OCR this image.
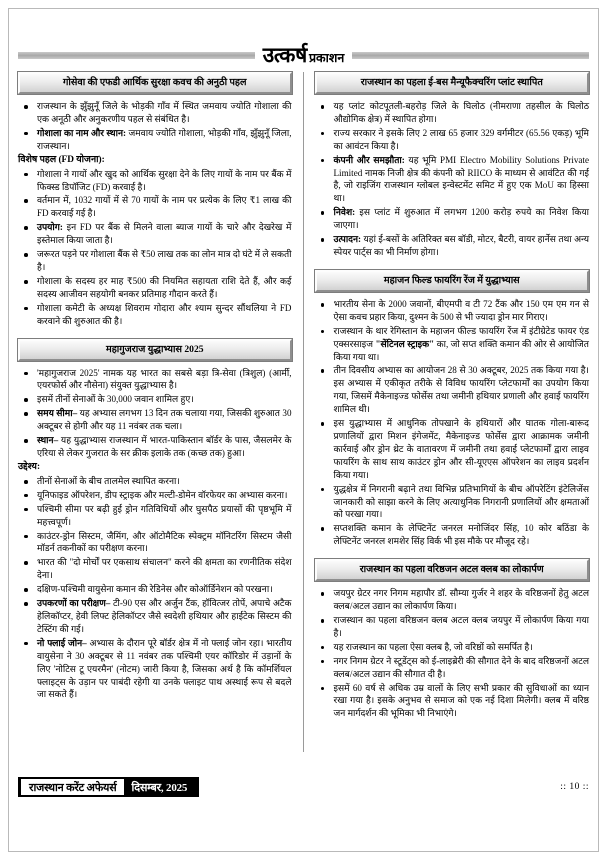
उत्कर्ष प्रकाशन
गोसेवा की एफडी आर्थिक सुरक्षा कवच की अनुठी पहल
राजस्थान के झुँझुनूँ जिले के भोड़की गाँव में स्थित जमवाय ज्योति गोशाला की एक अनूठी और अनुकरणीय पहल से संबंधित है।
गोशाला का नाम और स्थान: जमवाय ज्योति गोशाला, भोड़की गाँव, झुँझुनूँ जिला, राजस्थान।
विशेष पहल (FD योजना):
गोशाला ने गायों और खुद को आर्थिक सुरक्षा देने के लिए गायों के नाम पर बैंक में फिक्स्ड डिपॉजिट (FD) करवाई है।
वर्तमान में, 1032 गायों में से 70 गायों के नाम पर प्रत्येक के लिए ₹1 लाख की FD करवाई गई है।
उपयोग: इन FD पर बैंक से मिलने वाला ब्याज गायों के चारे और देखरेख में इस्तेमाल किया जाता है।
जरूरत पड़ने पर गोशाला बैंक से ₹50 लाख तक का लोन मात्र दो घंटे में ले सकती है।
गोशाला के सदस्य हर माह ₹500 की नियमित सहायता राशि देते हैं, और कई सदस्य आजीवन सहयोगी बनकर प्रतिमाह गौदान करते हैं।
गोशाला कमेटी के अध्यक्ष शिवराम गोदारा और श्याम सुन्दर सौंथलिया ने FD करवाने की शुरुआत की है।
महागुजराज युद्धाभ्यास 2025
'महागुजराज 2025' नामक यह भारत का सबसे बड़ा त्रि-सेवा (त्रिशुल) (आर्मी, एयरफोर्स और नौसेना) संयुक्त युद्धाभ्यास है।
इसमें तीनों सेनाओं के 30,000 जवान शामिल हुए।
समय सीमा– यह अभ्यास लगभग 13 दिन तक चलाया गया, जिसकी शुरुआत 30 अक्टूबर से होगी और यह 11 नवंबर तक चला।
स्थान– यह युद्धाभ्यास राजस्थान में भारत-पाकिस्तान बॉर्डर के पास, जैसलमेर के एरिया से लेकर गुजरात के सर क्रीक इलाके तक (कच्छ तक) हुआ।
उद्देश्य:
तीनों सेनाओं के बीच तालमेल स्थापित करना।
यूनिफाइड ऑपरेशन, डीप स्ट्राइक और मल्टी-डोमेन वॉरफेयर का अभ्यास करना।
पश्चिमी सीमा पर बढ़ी हुई ड्रोन गतिविधियों और घुसपैठ प्रयासों की पृष्ठभूमि में महत्त्वपूर्ण।
काउंटर-ड्रोन सिस्टम, जैमिंग, और ऑटोमैटिक स्पेक्ट्रम मॉनिटरिंग सिस्टम जैसी मॉडर्न तकनीकों का परीक्षण करना।
भारत की "दो मोर्चों पर एकसाथ संचालन" करने की क्षमता का रणनीतिक संदेश देना।
दक्षिण-पश्चिमी वायुसेना कमान की रेडिनेस और कोऑर्डिनेशन को परखना।
उपकरणों का परीक्षण– टी-90 एस और अर्जुन टैंक, हॉवित्जर तोपें, अपाचे अटैक हेलिकॉप्टर, हेवी लिफ्ट हेलिकॉप्टर जैसे स्वदेशी हथियार और हाईटेक सिस्टम की टेस्टिंग की गई।
नो फ्लाई जोन– अभ्यास के दौरान पूरे बॉर्डर क्षेत्र में नो फ्लाई जोन रहा। भारतीय वायुसेना ने 30 अक्टूबर से 11 नवंबर तक पश्चिमी एयर कॉरिडोर में उड़ानों के लिए 'नोटिस टू एयरमैन' (नोटम) जारी किया है, जिसका अर्थ है कि कॉमर्शियल फ्लाइट्स के उड़ान पर पाबंदी रहेगी या उनके फ्लाइट पाथ अस्थाई रूप से बदले जा सकते हैं।
राजस्थान का पहला ई-बस मैन्यूफैक्चरिंग प्लांट स्थापित
यह प्लांट कोटपूतली-बहरोड़ जिले के घिलोठ (नीमराणा तहसील के घिलोठ औद्योगिक क्षेत्र) में स्थापित होगा।
राज्य सरकार ने इसके लिए 2 लाख 65 हजार 329 वर्गमीटर (65.56 एकड़) भूमि का आवंटन किया है।
कंपनी और समझौता: यह भूमि PMI Electro Mobility Solutions Private Limited नामक निजी क्षेत्र की कंपनी को RIICO के माध्यम से आवंटित की गई है, जो राइजिंग राजस्थान ग्लोबल इन्वेस्टमेंट समिट में हुए एक MoU का हिस्सा था।
निवेश: इस प्लांट में शुरुआत में लगभग 1200 करोड़ रुपये का निवेश किया जाएगा।
उत्पादन: यहां ई-बसों के अतिरिक्त बस बॉडी, मोटर, बैटरी, वायर हार्नेस तथा अन्य स्पेयर पार्ट्स का भी निर्माण होगा।
महाजन फिल्ड फायरिंग रेंज में युद्धाभ्यास
भारतीय सेना के 2000 जवानों, बीएमपी व टी 72 टैंक और 150 एम एम गन से ऐसा कवच प्रहार किया, दुश्मन के 500 से भी ज्यादा ड्रोन मार गिराए।
राजस्थान के थार रेगिस्तान के महाजन फील्ड फायरिंग रेंज में इंटीग्रेटेड फायर एंड एक्सरसाइज "सेंटिनल स्ट्राइक" का, जो सप्त शक्ति कमान की ओर से आयोजित किया गया था।
तीन दिवसीय अभ्यास का आयोजन 28 से 30 अक्टूबर, 2025 तक किया गया है। इस अभ्यास में एकीकृत तरीके से विविध फायरिंग प्लेटफार्मों का उपयोग किया गया, जिसमें मैकेनाइज्ड फोर्सेस तथा जमीनी हथियार प्रणाली और हवाई फायरिंग शामिल थी।
इस युद्धाभ्यास में आधुनिक तोपखाने के हथियारों और घातक गोला-बारूद प्रणालियों द्वारा मिशन इंगेजमेंट, मैकेनाइज्ड फोर्सेस द्वारा आक्रामक जमीनी कार्रवाई और ड्रोन थ्रेट के वातावरण में जमीनी तथा हवाई प्लेटफार्मों द्वारा लाइव फायरिंग के साथ साथ काउंटर ड्रोन और सी-यूएएस ऑपरेशन का लाइव प्रदर्शन किया गया।
युद्धक्षेत्र में निगरानी बढ़ाने तथा विभिन्न प्रतिभागियों के बीच ऑपरेटिंग इंटेलिजेंस जानकारी को साझा करने के लिए अत्याधुनिक निगरानी प्रणालियों और क्षमताओं को परखा गया।
सप्तशक्ति कमान के लेफ्टिनेंट जनरल मनोजिंदर सिंह, 10 कोर बठिंडा के लेफ्टिनेंट जनरल शमशेर सिंह विर्क भी इस मौके पर मौजूद रहे।
राजस्थान का पहला वरिष्ठजन अटल क्लब का लोकार्पण
जयपुर ग्रेटर नगर निगम महापौर डॉ. सौम्या गुर्जर ने शहर के वरिष्ठजनों हेतु अटल क्लब/अटल उद्यान का लोकार्पण किया।
राजस्थान का पहला वरिष्ठजन क्लब अटल क्लब जयपुर में लोकार्पण किया गया है।
यह राजस्थान का पहला ऐसा क्लब है, जो वरिष्ठों को समर्पित है।
नगर निगम ग्रेटर ने स्टूडेंट्स को ई-लाइब्रेरी की सौगात देने के बाद वरिष्ठजनों अटल क्लब/अटल उद्यान की सौगात दी है।
इसमें 60 वर्ष से अधिक उम्र वालों के लिए सभी प्रकार की सुविधाओं का ध्यान रखा गया है। इसके अनुभव से समाज को एक नई दिशा मिलेगी। क्लब में वरिष्ठ जन मार्गदर्शन की भूमिका भी निभाएंगे।
राजस्थान करेंट अफेयर्स	दिसम्बर, 2025	:: 10 ::
